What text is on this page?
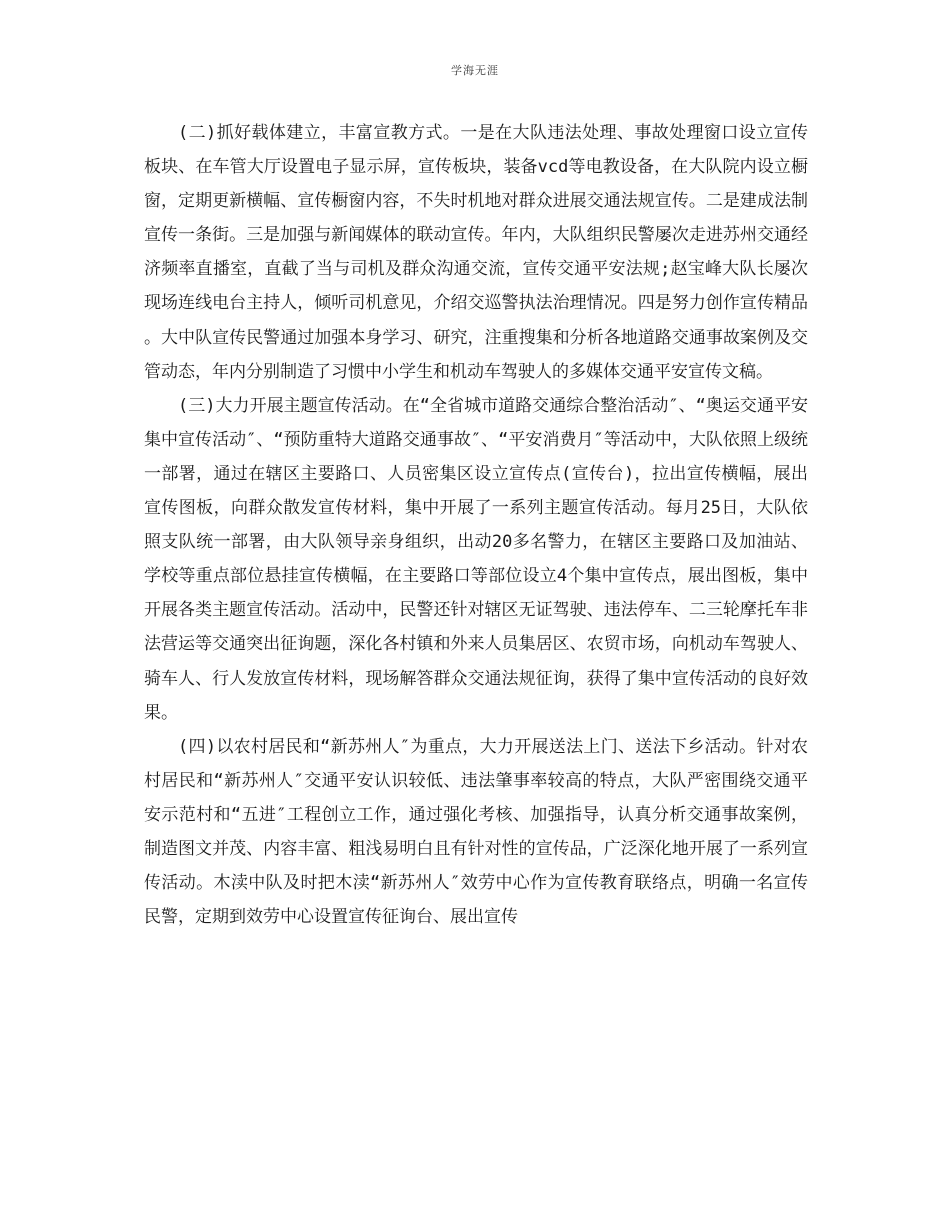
学海无涯

(二)抓好载体建立，丰富宣教方式。一是在大队违法处理、事故处理窗口设立宣传板块、在车管大厅设置电子显示屏，宣传板块，装备vcd等电教设备，在大队院内设立橱窗，定期更新横幅、宣传橱窗内容，不失时机地对群众进展交通法规宣传。二是建成法制宣传一条街。三是加强与新闻媒体的联动宣传。年内，大队组织民警屡次走进苏州交通经济频率直播室，直截了当与司机及群众沟通交流，宣传交通平安法规;赵宝峰大队长屡次现场连线电台主持人，倾听司机意见，介绍交巡警执法治理情况。四是努力创作宣传精品。大中队宣传民警通过加强本身学习、研究，注重搜集和分析各地道路交通事故案例及交管动态，年内分别制造了习惯中小学生和机动车驾驶人的多媒体交通平安宣传文稿。

(三)大力开展主题宣传活动。在“全省城市道路交通综合整治活动″、“奥运交通平安集中宣传活动″、“预防重特大道路交通事故″、“平安消费月″等活动中，大队依照上级统一部署，通过在辖区主要路口、人员密集区设立宣传点(宣传台)，拉出宣传横幅，展出宣传图板，向群众散发宣传材料，集中开展了一系列主题宣传活动。每月25日，大队依照支队统一部署，由大队领导亲身组织，出动20多名警力，在辖区主要路口及加油站、学校等重点部位悬挂宣传横幅，在主要路口等部位设立4个集中宣传点，展出图板，集中开展各类主题宣传活动。活动中，民警还针对辖区无证驾驶、违法停车、二三轮摩托车非法营运等交通突出征询题，深化各村镇和外来人员集居区、农贸市场，向机动车驾驶人、骑车人、行人发放宣传材料，现场解答群众交通法规征询，获得了集中宣传活动的良好效果。

(四)以农村居民和“新苏州人″为重点，大力开展送法上门、送法下乡活动。针对农村居民和“新苏州人″交通平安认识较低、违法肇事率较高的特点，大队严密围绕交通平安示范村和“五进″工程创立工作，通过强化考核、加强指导，认真分析交通事故案例，制造图文并茂、内容丰富、粗浅易明白且有针对性的宣传品，广泛深化地开展了一系列宣传活动。木渎中队及时把木渎“新苏州人″效劳中心作为宣传教育联络点，明确一名宣传民警，定期到效劳中心设置宣传征询台、展出宣传
